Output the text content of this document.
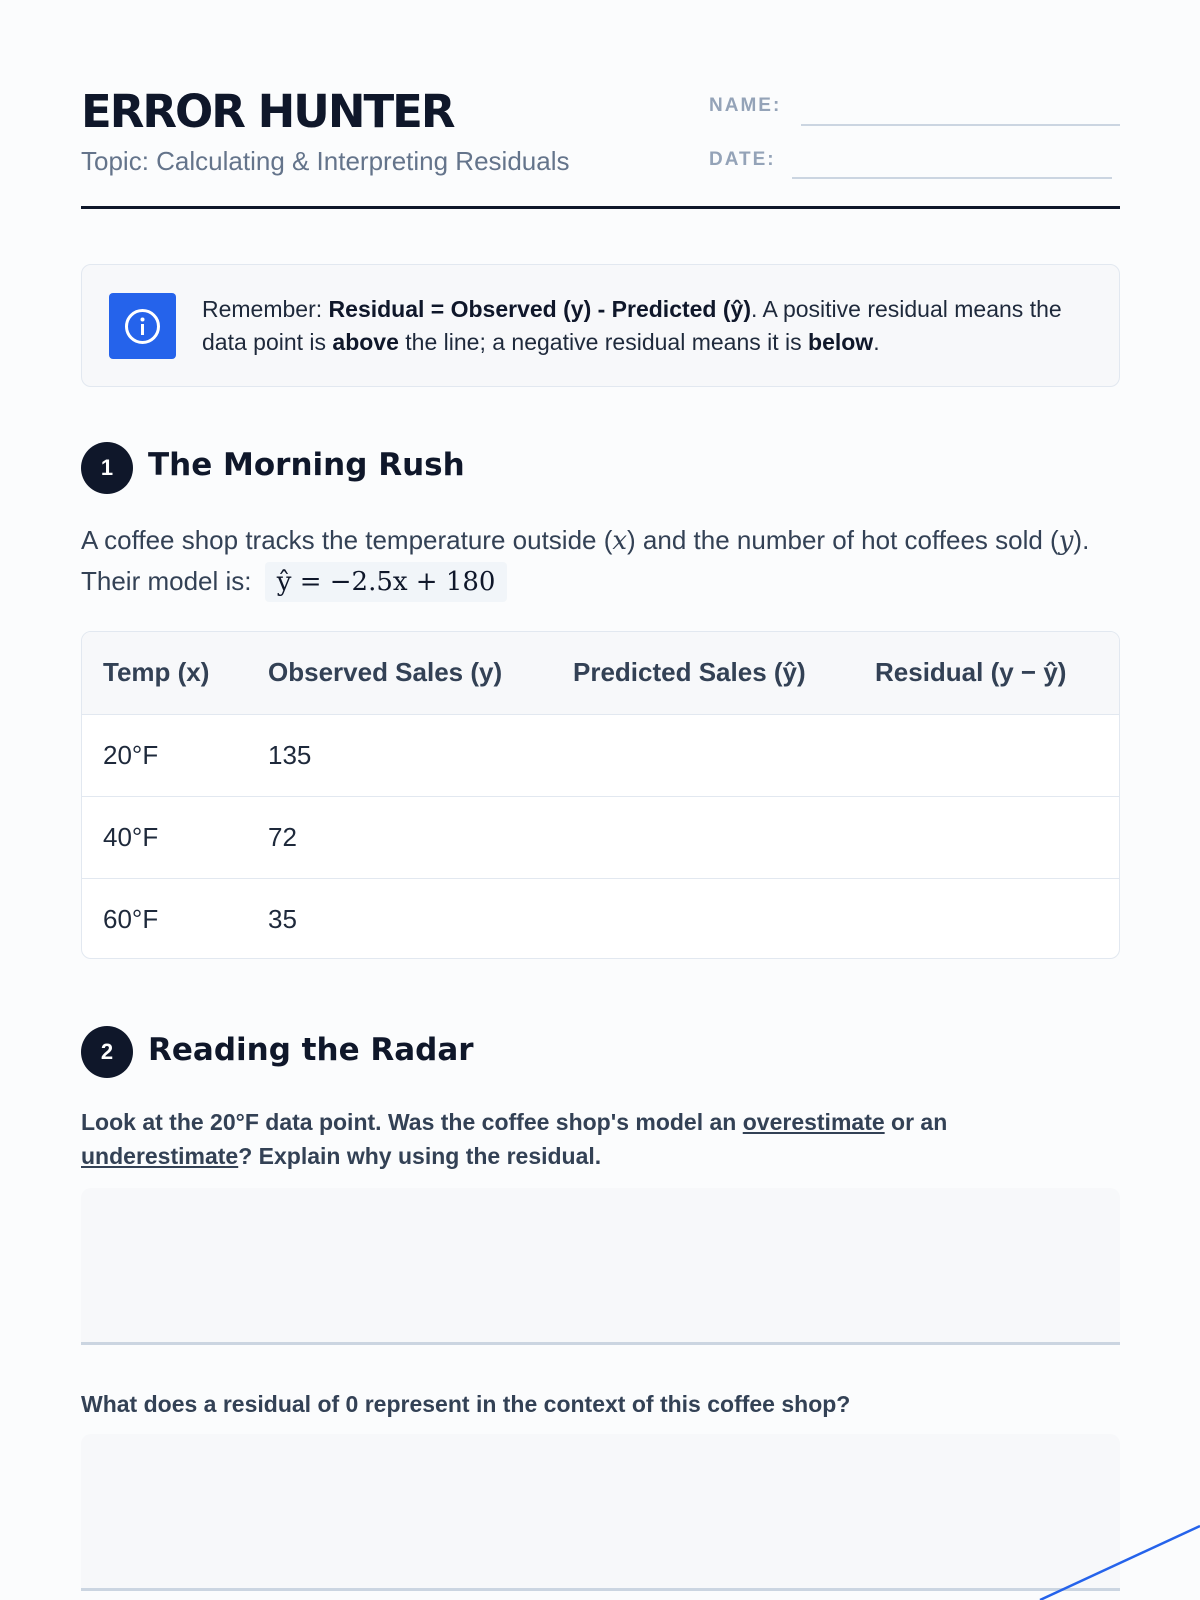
ERROR HUNTER
Topic: Calculating & Interpreting Residuals
NAME:
DATE:
Remember: Residual = Observed (y) - Predicted (ŷ). A positive residual means the data point is above the line; a negative residual means it is below.
1	The Morning Rush
A coffee shop tracks the temperature outside (x) and the number of hot coffees sold (y). Their model is: ŷ = −2.5x + 180
Temp (x)	Observed Sales (y)	Predicted Sales (ŷ)	Residual (y − ŷ)
20°F	135		
40°F	72		
60°F	35		
2	Reading the Radar
Look at the 20°F data point. Was the coffee shop's model an overestimate or an underestimate? Explain why using the residual.
What does a residual of 0 represent in the context of this coffee shop?
